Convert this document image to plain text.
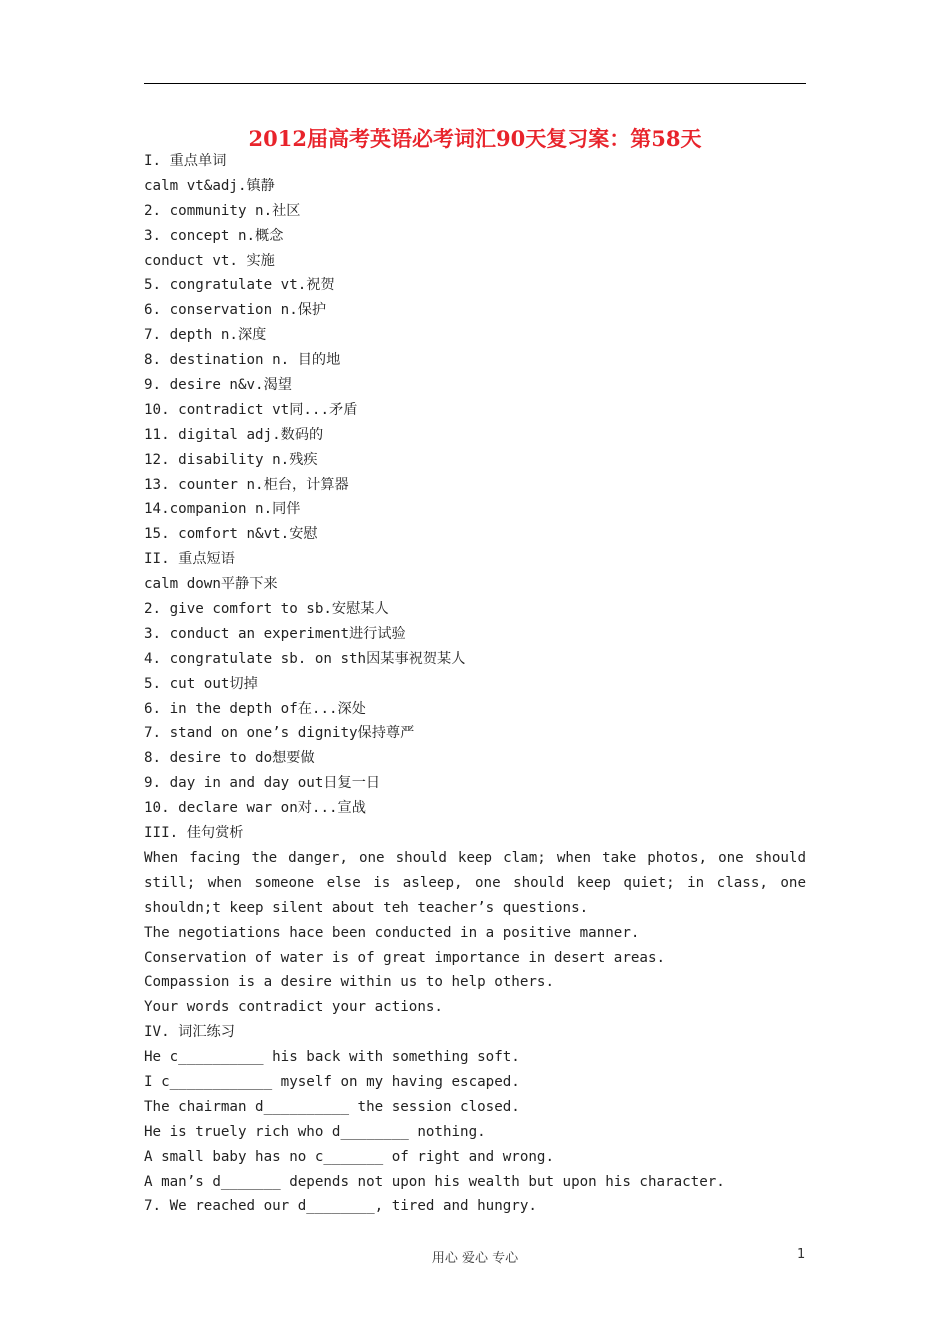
2012届高考英语必考词汇90天复习案：第58天
I. 重点单词
calm vt&adj.镇静
2. community n.社区
3. concept n.概念
conduct vt. 实施
5. congratulate vt.祝贺
6. conservation n.保护
7. depth n.深度
8. destination n. 目的地
9. desire n&v.渴望
10. contradict vt同...矛盾
11. digital adj.数码的
12. disability n.残疾
13. counter n.柜台，计算器
14.companion n.同伴
15. comfort n&vt.安慰
II. 重点短语
calm down平静下来
2. give comfort to sb.安慰某人
3. conduct an experiment进行试验
4. congratulate sb. on sth因某事祝贺某人
5. cut out切掉
6. in the depth of在...深处
7. stand on one’s dignity保持尊严
8. desire to do想要做
9. day in and day out日复一日
10. declare war on对...宣战
III. 佳句赏析
When facing the danger, one should keep clam; when take photos, one should
still; when someone else is asleep, one should keep quiet; in class, one
shouldn;t keep silent about teh teacher’s questions.
The negotiations hace been conducted in a positive manner.
Conservation of water is of great importance in desert areas.
Compassion is a desire within us to help others.
Your words contradict your actions.
IV. 词汇练习
He c__________ his back with something soft.
I c____________ myself on my having escaped.
The chairman d__________ the session closed.
He is truely rich who d________ nothing.
A small baby has no c_______ of right and wrong.
A man’s d_______ depends not upon his wealth but upon his character.
7. We reached our d________, tired and hungry.
用心 爱心 专心	1
